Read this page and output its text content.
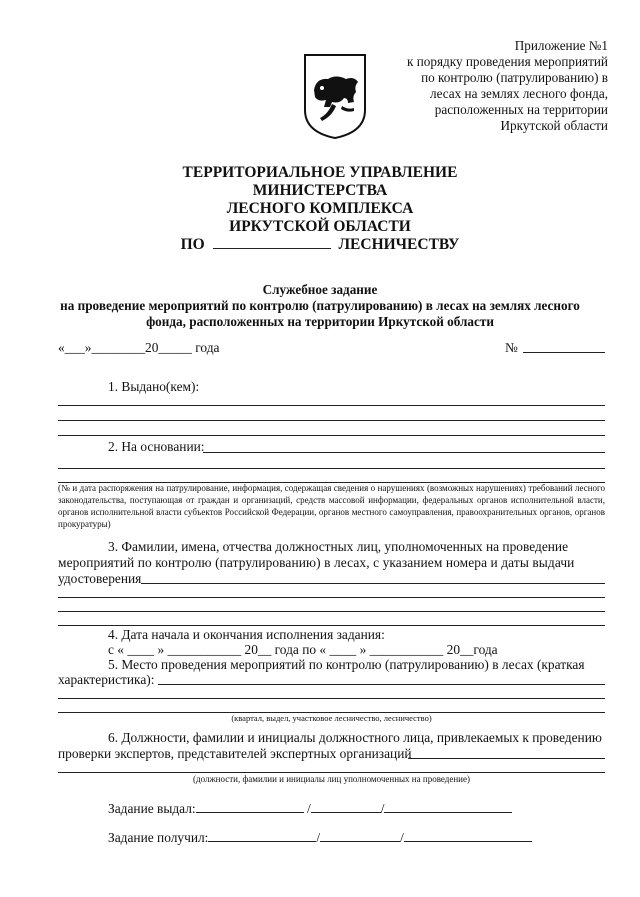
Приложение №1
к порядку проведения мероприятий
по контролю (патрулированию) в
лесах на землях лесного фонда,
расположенных на территории
Иркутской области
ТЕРРИТОРИАЛЬНОЕ УПРАВЛЕНИЕ
МИНИСТЕРСТВА
ЛЕСНОГО КОМПЛЕКСА
ИРКУТСКОЙ ОБЛАСТИ
ПО	ЛЕСНИЧЕСТВУ
Служебное задание
на проведение мероприятий по контролю (патрулированию) в лесах на землях лесного
фонда, расположенных на территории Иркутской области
«___»________20_____ года	№
1. Выдано(кем):
2. На основании:
(№ и дата распоряжения на патрулирование, информация, содержащая сведения о нарушениях (возможных нарушениях) требований лесного законодательства, поступающая от граждан и организаций, средств массовой информации, федеральных органов исполнительной власти, органов исполнительной власти субъектов Российской Федерации, органов местного самоуправления, правоохранительных органов, органов прокуратуры)
3. Фамилии, имена, отчества должностных лиц, уполномоченных на проведение
мероприятий по контролю (патрулированию) в лесах, с указанием номера и даты выдачи
удостоверения
4. Дата начала и окончания исполнения задания:
с « ____ » ___________ 20__ года по « ____ » ___________ 20__года
5. Место проведения мероприятий по контролю (патрулированию) в лесах (краткая
характеристика):
(квартал, выдел, участковое лесничество, лесничество)
6. Должности, фамилии и инициалы должностного лица, привлекаемых к проведению
проверки экспертов, представителей экспертных организаций
(должности, фамилии и инициалы лиц уполномоченных на проведение)
Задание выдал:	/	/
Задание получил:	/	/
